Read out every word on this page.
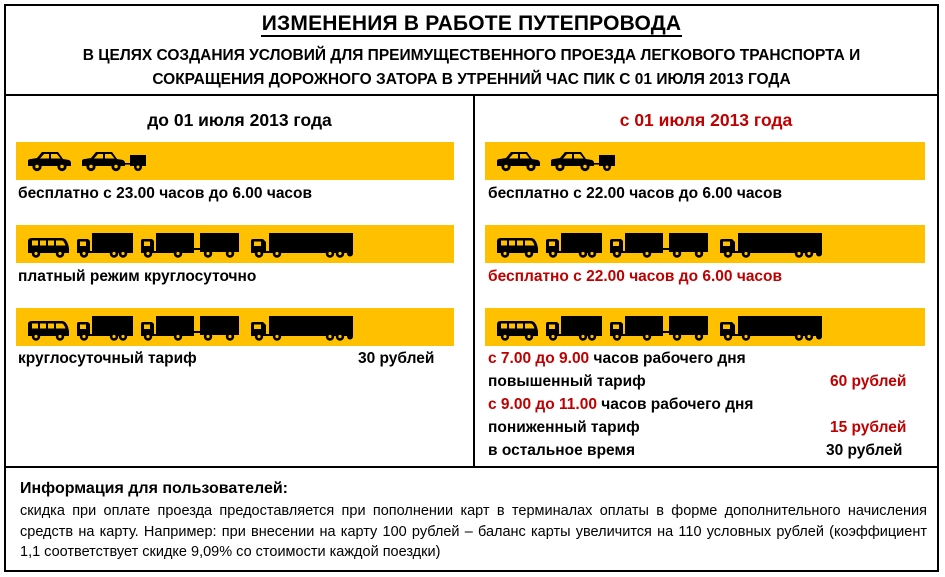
ИЗМЕНЕНИЯ В РАБОТЕ ПУТЕПРОВОДА
В ЦЕЛЯХ СОЗДАНИЯ УСЛОВИЙ ДЛЯ ПРЕИМУЩЕСТВЕННОГО ПРОЕЗДА ЛЕГКОВОГО ТРАНСПОРТА И
СОКРАЩЕНИЯ ДОРОЖНОГО ЗАТОРА В УТРЕННИЙ ЧАС ПИК С 01 ИЮЛЯ 2013 ГОДА
до 01 июля 2013 года
бесплатно с 23.00 часов до 6.00 часов
платный режим круглосуточно
круглосуточный тариф	30 рублей
с 01 июля 2013 года
бесплатно с 22.00 часов до 6.00 часов
бесплатно с 22.00 часов до 6.00 часов
с 7.00 до 9.00 часов рабочего дня
повышенный тариф	60 рублей
с 9.00 до 11.00 часов рабочего дня
пониженный тариф	15 рублей
в остальное время	30 рублей
Информация для пользователей:
скидка при оплате проезда предоставляется при пополнении карт в терминалах оплаты в форме дополнительного начисления средств на карту. Например: при внесении на карту 100 рублей – баланс карты увеличится на 110 условных рублей (коэффициент 1,1 соответствует скидке 9,09% со стоимости каждой поездки)
